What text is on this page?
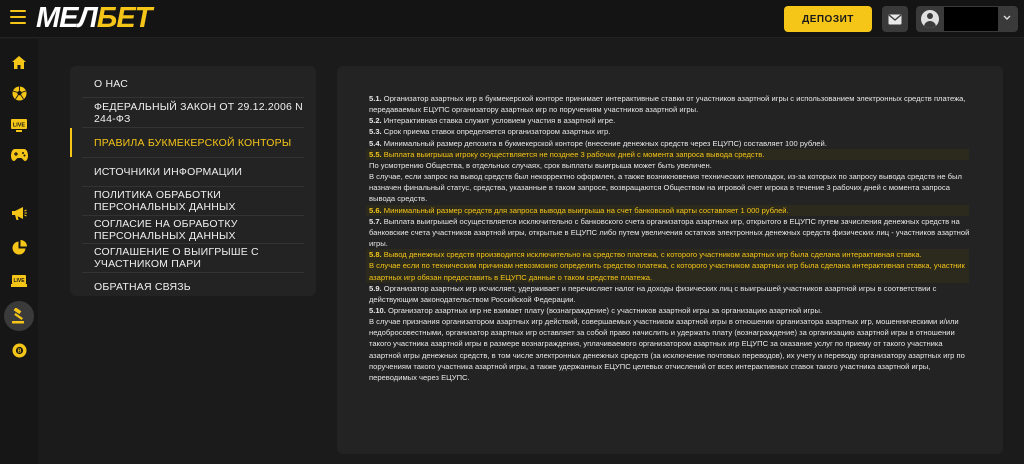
МЕЛБЕТ	ДЕПОЗИТ
LIVE
LIVE
B
О НАС
ФЕДЕРАЛЬНЫЙ ЗАКОН ОТ 29.12.2006 N 244-ФЗ
ПРАВИЛА БУКМЕКЕРСКОЙ КОНТОРЫ
ИСТОЧНИКИ ИНФОРМАЦИИ
ПОЛИТИКА ОБРАБОТКИ ПЕРСОНАЛЬНЫХ ДАННЫХ
СОГЛАСИЕ НА ОБРАБОТКУ ПЕРСОНАЛЬНЫХ ДАННЫХ
СОГЛАШЕНИЕ О ВЫИГРЫШЕ С УЧАСТНИКОМ ПАРИ
ОБРАТНАЯ СВЯЗЬ
5.1. Организатор азартных игр в букмекерской конторе принимает интерактивные ставки от участников азартной игры с использованием электронных средств платежа, передаваемых ЕЦУПС организатору азартных игр по поручениям участников азартной игры.
5.2. Интерактивная ставка служит условием участия в азартной игре.
5.3. Срок приема ставок определяется организатором азартных игр.
5.4. Минимальный размер депозита в букмекерской конторе (внесение денежных средств через ЕЦУПС) составляет 100 рублей.
5.5. Выплата выигрыша игроку осуществляется не позднее 3 рабочих дней с момента запроса вывода средств.
По усмотрению Общества, в отдельных случаях, срок выплаты выигрыша может быть увеличен.
В случае, если запрос на вывод средств был некорректно оформлен, а также возникновения технических неполадок, из-за которых по запросу вывода средств не был назначен финальный статус, средства, указанные в таком запросе, возвращаются Обществом на игровой счет игрока в течение 3 рабочих дней с момента запроса вывода средств.
5.6. Минимальный размер средств для запроса вывода выигрыша на счет банковской карты составляет 1 000 рублей.
5.7. Выплата выигрышей осуществляется исключительно с банковского счета организатора азартных игр, открытого в ЕЦУПС путем зачисления денежных средств на банковские счета участников азартной игры, открытые в ЕЦУПС либо путем увеличения остатков электронных денежных средств физических лиц - участников азартной игры.
5.8. Вывод денежных средств производится исключительно на средство платежа, с которого участником азартных игр была сделана интерактивная ставка.
В случае если по техническим причинам невозможно определить средство платежа, с которого участником азартных игр была сделана интерактивная ставка, участник азартных игр обязан предоставить в ЕЦУПС данные о таком средстве платежа.
5.9. Организатор азартных игр исчисляет, удерживает и перечисляет налог на доходы физических лиц с выигрышей участников азартной игры в соответствии с действующим законодательством Российской Федерации.
5.10. Организатор азартных игр не взимает плату (вознаграждение) с участников азартной игры за организацию азартной игры.
В случае признания организатором азартных игр действий, совершаемых участником азартной игры в отношении организатора азартных игр, мошенническими и/или недобросовестными, организатор азартных игр оставляет за собой право начислить и удержать плату (вознаграждение) за организацию азартной игры в отношении такого участника азартной игры в размере вознаграждения, уплачиваемого организатором азартных игр ЕЦУПС за оказание услуг по приему от такого участника азартной игры денежных средств, в том числе электронных денежных средств (за исключение почтовых переводов), их учету и переводу организатору азартных игр по поручениям такого участника азартной игры, а также удержанных ЕЦУПС целевых отчислений от всех интерактивных ставок такого участника азартной игры, переводимых через ЕЦУПС.
